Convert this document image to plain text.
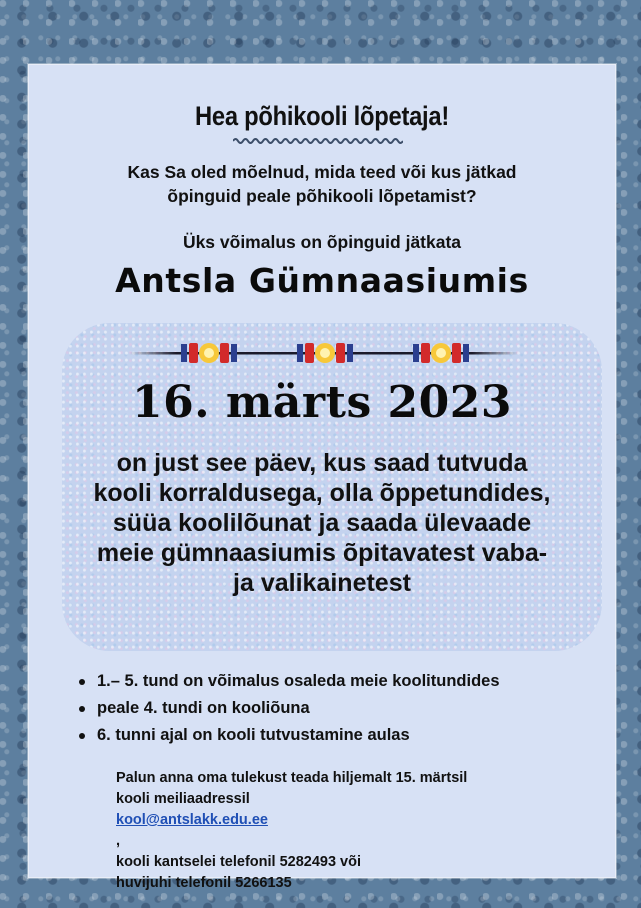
Hea põhikooli lõpetaja!

Kas Sa oled mõelnud, mida teed või kus jätkad
õpinguid peale põhikooli lõpetamist?

Üks võimalus on õpinguid jätkata

Antsla Gümnaasiumis
16. märts 2023

on just see päev, kus saad tutvuda
kooli korraldusega, olla õppetundides,
süüa koolilõunat ja saada ülevaade
meie gümnaasiumis õpitavatest vaba-
ja valikainetest

1.– 5. tund on võimalus osaleda meie koolitundides
peale 4. tundi on kooliõuna
6. tunni ajal on kooli tutvustamine aulas

Palun anna oma tulekust teada hiljemalt 15. märtsil
kooli meiliaadressil
kool@antslakk.edu.ee
,
kooli kantselei telefonil 5282493 või
huvijuhi telefonil 5266135
